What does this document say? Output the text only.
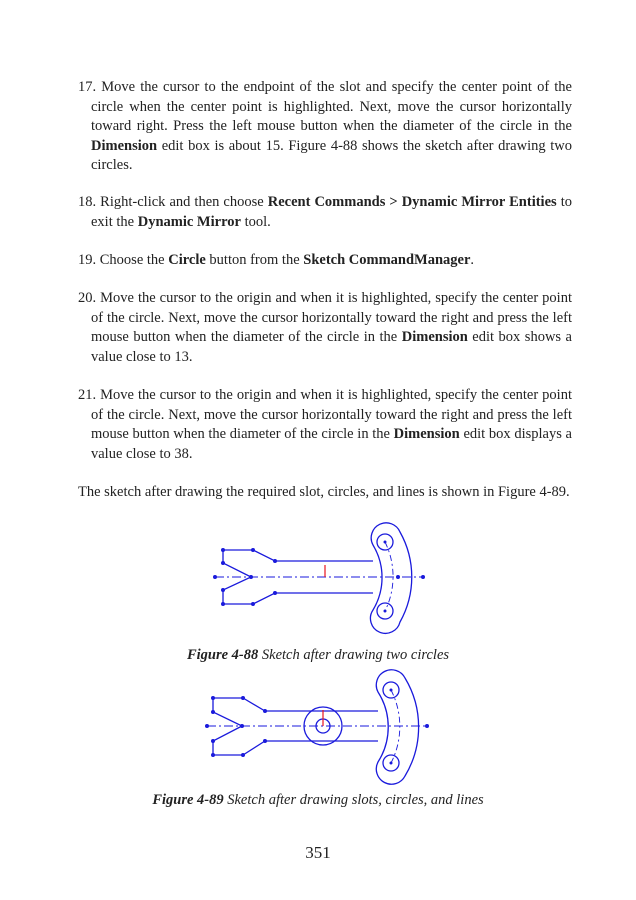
17. Move the cursor to the endpoint of the slot and specify the center point of the circle when the center point is highlighted. Next, move the cursor horizontally toward right. Press the left mouse button when the diameter of the circle in the Dimension edit box is about 15. Figure 4-88 shows the sketch after drawing two circles.

18. Right-click and then choose Recent Commands > Dynamic Mirror Entities to exit the Dynamic Mirror tool.

19. Choose the Circle button from the Sketch CommandManager.

20. Move the cursor to the origin and when it is highlighted, specify the center point of the circle. Next, move the cursor horizontally toward the right and press the left mouse button when the diameter of the circle in the Dimension edit box shows a value close to 13.

21. Move the cursor to the origin and when it is highlighted, specify the center point of the circle. Next, move the cursor horizontally toward the right and press the left mouse button when the diameter of the circle in the Dimension edit box displays a value close to 38.

The sketch after drawing the required slot, circles, and lines is shown in Figure 4-89.

Figure 4-88 Sketch after drawing two circles

Figure 4-89 Sketch after drawing slots, circles, and lines

351
